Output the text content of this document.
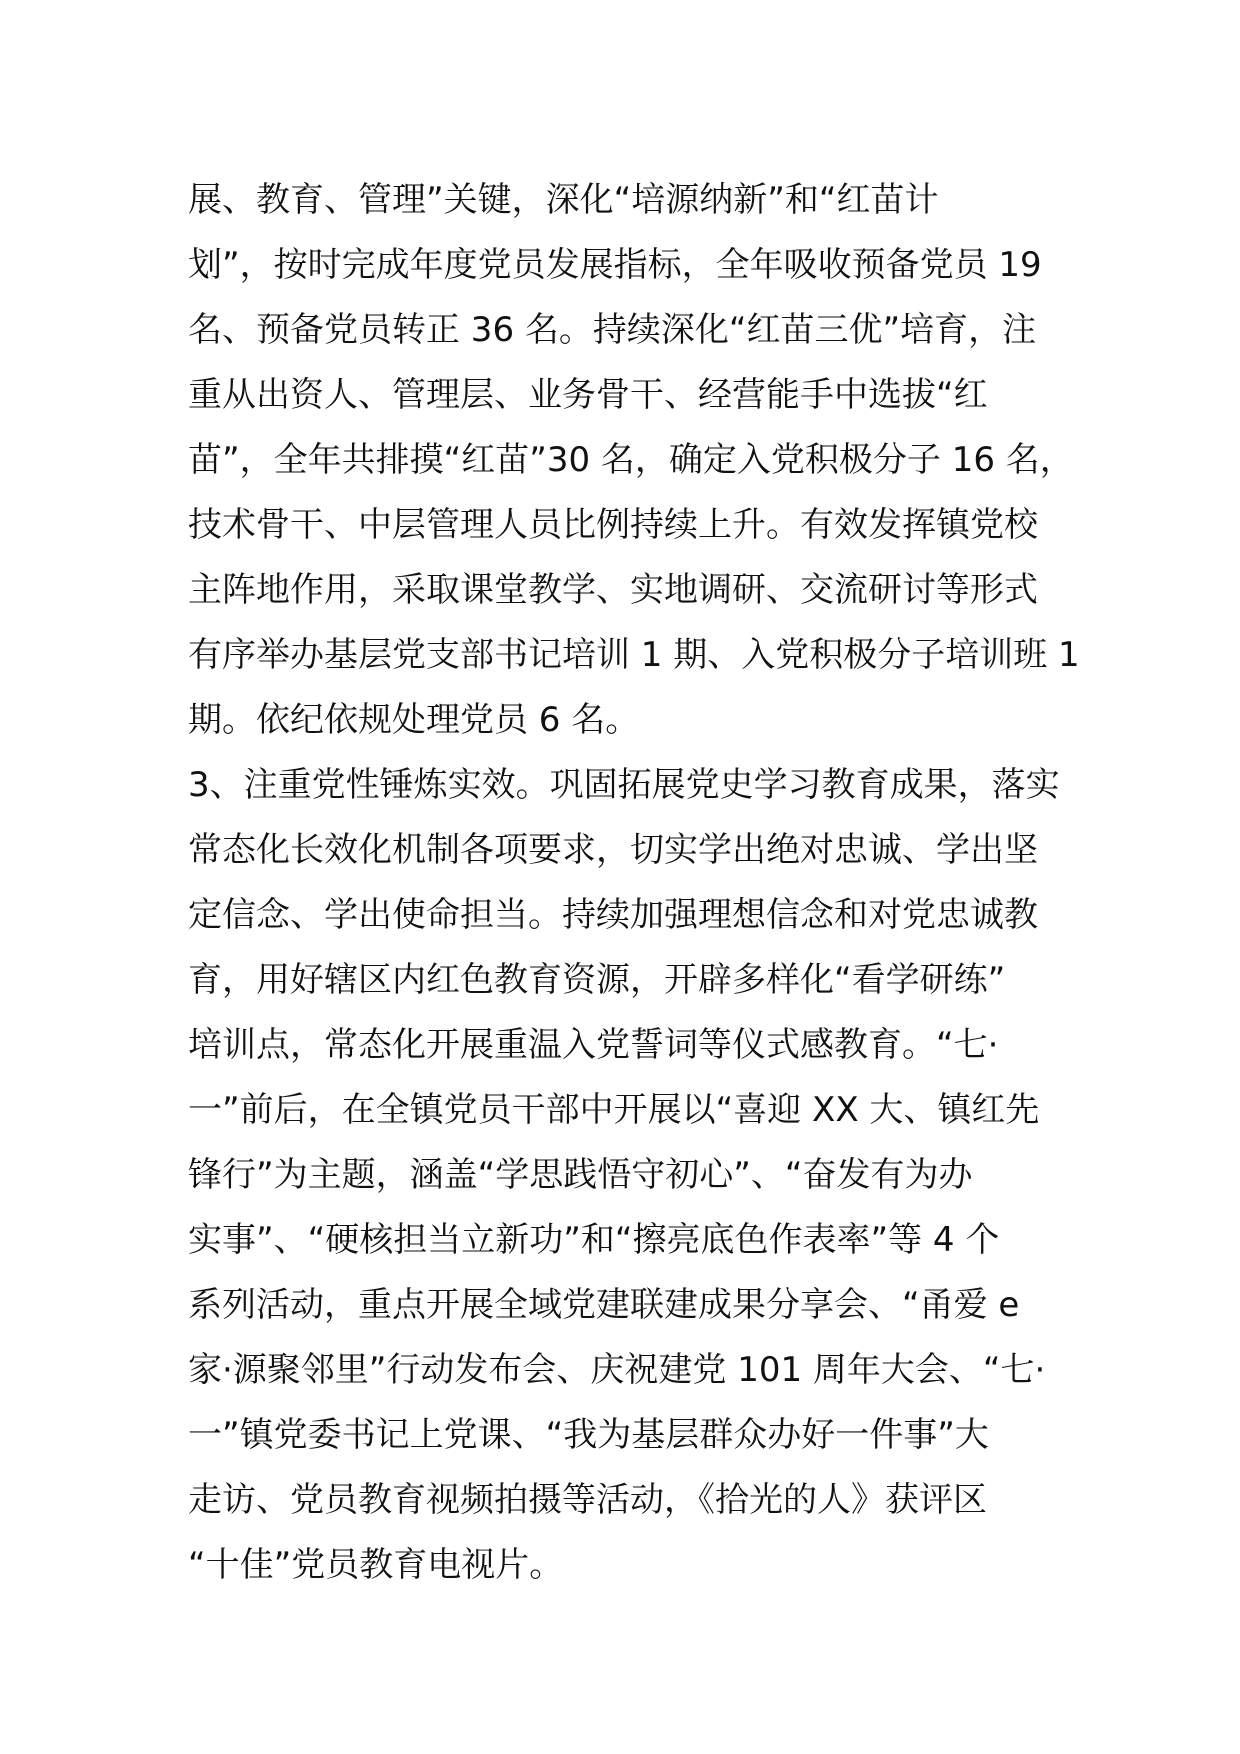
展、教育、管理”关键，深化“培源纳新”和“红苗计
划”，按时完成年度党员发展指标，全年吸收预备党员 19
名、预备党员转正 36 名。持续深化“红苗三优”培育，注
重从出资人、管理层、业务骨干、经营能手中选拔“红
苗”，全年共排摸“红苗”30 名，确定入党积极分子 16 名，
技术骨干、中层管理人员比例持续上升。有效发挥镇党校
主阵地作用，采取课堂教学、实地调研、交流研讨等形式
有序举办基层党支部书记培训 1 期、入党积极分子培训班 1
期。依纪依规处理党员 6 名。
3、注重党性锤炼实效。巩固拓展党史学习教育成果，落实
常态化长效化机制各项要求，切实学出绝对忠诚、学出坚
定信念、学出使命担当。持续加强理想信念和对党忠诚教
育，用好辖区内红色教育资源，开辟多样化“看学研练”
培训点，常态化开展重温入党誓词等仪式感教育。“七·
一”前后，在全镇党员干部中开展以“喜迎 XX 大、镇红先
锋行”为主题，涵盖“学思践悟守初心”、“奋发有为办
实事”、“硬核担当立新功”和“擦亮底色作表率”等 4 个
系列活动，重点开展全域党建联建成果分享会、“甬爱 e
家·源聚邻里”行动发布会、庆祝建党 101 周年大会、“七·
一”镇党委书记上党课、“我为基层群众办好一件事”大
走访、党员教育视频拍摄等活动，《拾光的人》获评区
“十佳”党员教育电视片。
